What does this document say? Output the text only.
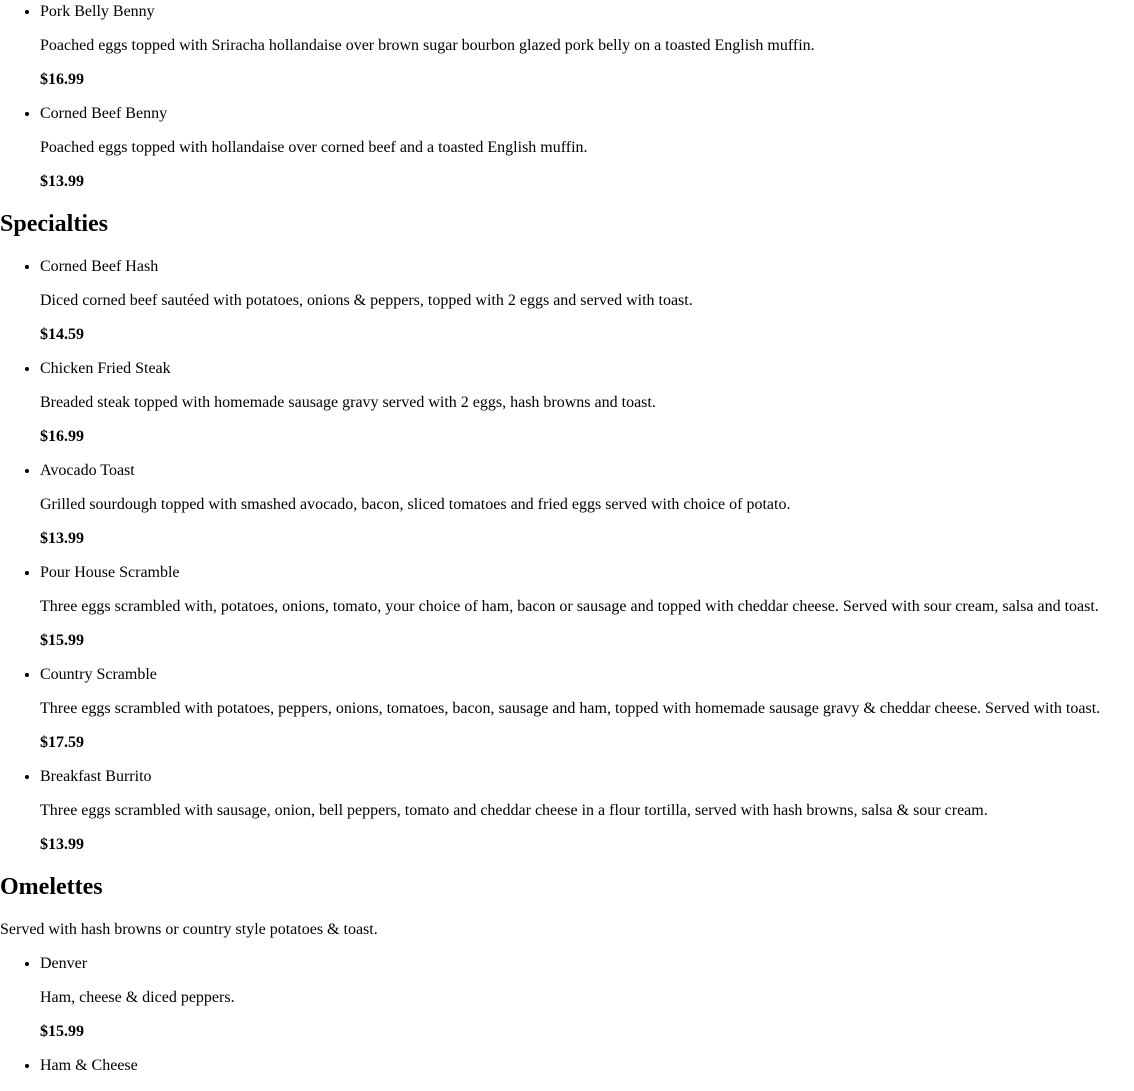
• Pork Belly Benny

Poached eggs topped with Sriracha hollandaise over brown sugar bourbon glazed pork belly on a toasted English muffin.

$16.99

• Corned Beef Benny

Poached eggs topped with hollandaise over corned beef and a toasted English muffin.

$13.99

Specialties
• Corned Beef Hash

Diced corned beef sautéed with potatoes, onions & peppers, topped with 2 eggs and served with toast.

$14.59

• Chicken Fried Steak

Breaded steak topped with homemade sausage gravy served with 2 eggs, hash browns and toast.

$16.99

• Avocado Toast

Grilled sourdough topped with smashed avocado, bacon, sliced tomatoes and fried eggs served with choice of potato.

$13.99

• Pour House Scramble

Three eggs scrambled with, potatoes, onions, tomato, your choice of ham, bacon or sausage and topped with cheddar cheese. Served with sour cream, salsa and toast.

$15.99

• Country Scramble

Three eggs scrambled with potatoes, peppers, onions, tomatoes, bacon, sausage and ham, topped with homemade sausage gravy & cheddar cheese. Served with toast.

$17.59

• Breakfast Burrito

Three eggs scrambled with sausage, onion, bell peppers, tomato and cheddar cheese in a flour tortilla, served with hash browns, salsa & sour cream.

$13.99

Omelettes

Served with hash browns or country style potatoes & toast.

• Denver

Ham, cheese & diced peppers.

$15.99

• Ham & Cheese
